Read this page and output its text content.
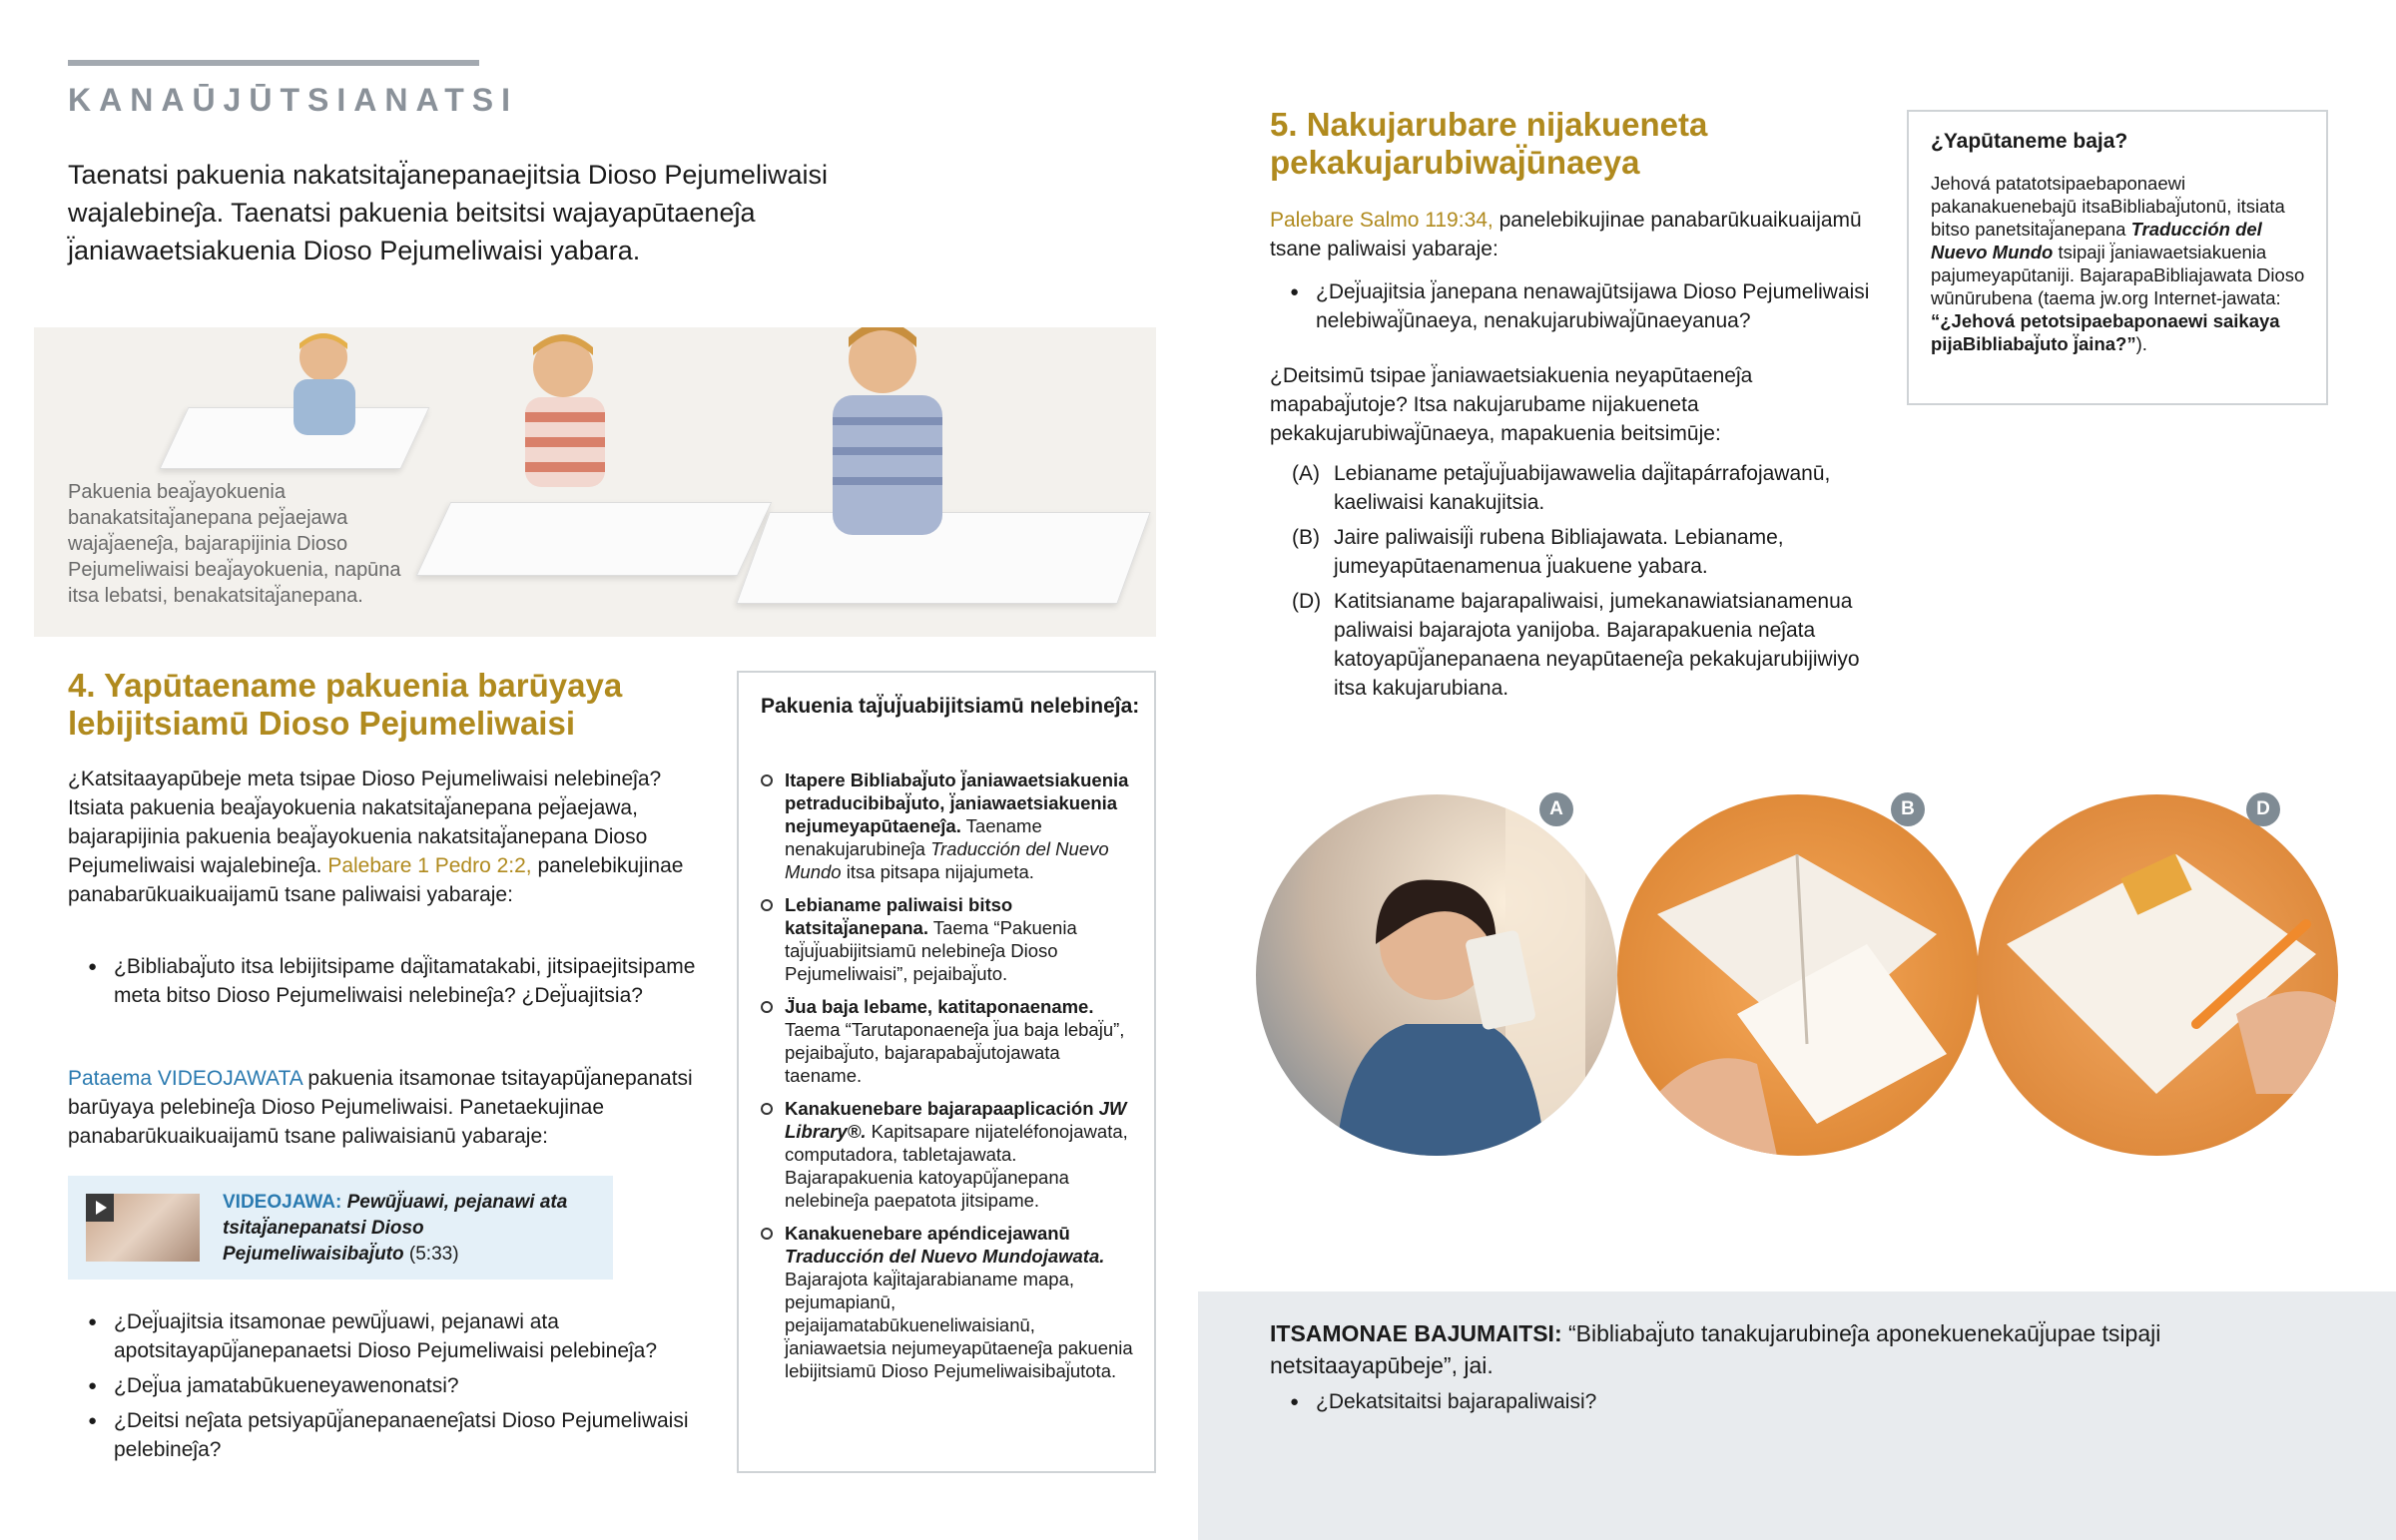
KANAŪJŪTSIANATSI
Taenatsi pakuenia nakatsitaj̈anepanaejitsia Dioso Pejumeliwaisi wajalebineĵa. Taenatsi pakuenia beitsitsi wajayapūtaeneĵa j̈aniawaetsiakuenia Dioso Pejumeliwaisi yabara.
Pakuenia beaj̈ayokuenia banakatsitaj̈anepana pej̈aejawa wajaj̈aeneĵa, bajarapijinia Dioso Pejumeliwaisi beaj̈ayokuenia, napūna itsa lebatsi, benakatsitaj̈anepana.
4. Yapūtaename pakuenia barūyaya lebijitsiamū Dioso Pejumeliwaisi
¿Katsitaayapūbeje meta tsipae Dioso Pejumeliwaisi nelebineĵa? Itsiata pakuenia beaj̈ayokuenia nakatsitaj̈anepana pej̈aejawa, bajarapijinia pakuenia beaj̈ayokuenia nakatsitaj̈anepana Dioso Pejumeliwaisi wajalebineĵa. Palebare 1 Pedro 2:2, panelebikujinae panabarūkuaikuaijamū tsane paliwaisi yabaraje:
● ¿Bibliabaj̈uto itsa lebijitsipame daj̈itamatakabi, jitsipaejitsipame meta bitso Dioso Pejumeliwaisi nelebineĵa? ¿Dej̈uajitsia?
Pataema VIDEOJAWATA pakuenia itsamonae tsitayapūj̈anepanatsi barūyaya pelebineĵa Dioso Pejumeliwaisi. Panetaekujinae panabarūkuaikuaijamū tsane paliwaisianū yabaraje:
VIDEOJAWA: Pewūj̈uawi, pejanawi ata tsitaj̈anepanatsi Dioso Pejumeliwaisibaj̈uto (5:33)
● ¿Dej̈uajitsia itsamonae pewūj̈uawi, pejanawi ata apotsitayapūj̈anepanaetsi Dioso Pejumeliwaisi pelebineĵa?
● ¿Dej̈ua jamatabūkueneyawenonatsi?
● ¿Deitsi neĵata petsiyapūj̈anepanaeneĵatsi Dioso Pejumeliwaisi pelebineĵa?
Pakuenia taj̈uj̈uabijitsiamū nelebineĵa:
Itapere Bibliabaj̈uto j̈aniawaetsiakuenia petraducibibaj̈uto, j̈aniawaetsiakuenia nejumeyapūtaeneĵa. Taename nenakujarubineĵa Traducción del Nuevo Mundo itsa pitsapa nijajumeta.
Lebianame paliwaisi bitso katsitaj̈anepana. Taema “Pakuenia taj̈uj̈uabijitsiamū nelebineĵa Dioso Pejumeliwaisi”, pejaibaj̈uto.
J̈ua baja lebame, katitaponaename. Taema “Tarutaponaeneĵa j̈ua baja lebaj̈u”, pejaibaj̈uto, bajarapabaj̈utojawata taename.
Kanakuenebare bajarapaaplicación JW Library®. Kapitsapare nijateléfonojawata, computadora, tabletajawata. Bajarapakuenia katoyapūj̈anepana nelebineĵa paepatota jitsipame.
Kanakuenebare apéndicejawanū Traducción del Nuevo Mundojawata. Bajarajota kaj̈itajarabianame mapa, pejumapianū, pejaijamatabūkueneliwaisianū, j̈aniawaetsia nejumeyapūtaeneĵa pakuenia lebijitsiamū Dioso Pejumeliwaisibaj̈utota.
5. Nakujarubare nijakueneta pekakujarubiwaj̈ūnaeya
Palebare Salmo 119:34, panelebikujinae panabarūkuaikuaijamū tsane paliwaisi yabaraje:
● ¿Dej̈uajitsia j̈anepana nenawajūtsijawa Dioso Pejumeliwaisi nelebiwaj̈ūnaeya, nenakujarubiwaj̈ūnaeyanua?
¿Deitsimū tsipae j̈aniawaetsiakuenia neyapūtaeneĵa mapabaj̈utoje? Itsa nakujarubame nijakueneta pekakujarubiwaj̈ūnaeya, mapakuenia beitsimūje:
(A) Lebianame petaj̈uj̈uabijawawelia daj̈itapárrafojawanū, kaeliwaisi kanakujitsia.
(B) Jaire paliwaisij̈i rubena Bibliajawata. Lebianame, jumeyapūtaenamenua j̈uakuene yabara.
(D) Katitsianame bajarapaliwaisi, jumekanawiatsianamenua paliwaisi bajarajota yanijoba. Bajarapakuenia neĵata katoyapūj̈anepanaena neyapūtaeneĵa pekakujarubijiwiyo itsa kakujarubiana.
¿Yapūtaneme baja?
Jehová patatotsipaebaponaewi pakanakuenebajū itsaBibliabaj̈utonū, itsiata bitso panetsitaj̈anepana Traducción del Nuevo Mundo tsipaji j̈aniawaetsiakuenia pajumeyapūtaniji. BajarapaBibliajawata Dioso wūnūrubena (taema jw.org Internet-jawata: “¿Jehová petotsipaebaponaewi saikaya pijaBibliabaj̈uto j̈aina?”).
A	B	D
ITSAMONAE BAJUMAITSI: “Bibliabaj̈uto tanakujarubineĵa aponekuenekaūj̈upae tsipaji netsitaayapūbeje”, jai.
● ¿Dekatsitaitsi bajarapaliwaisi?
